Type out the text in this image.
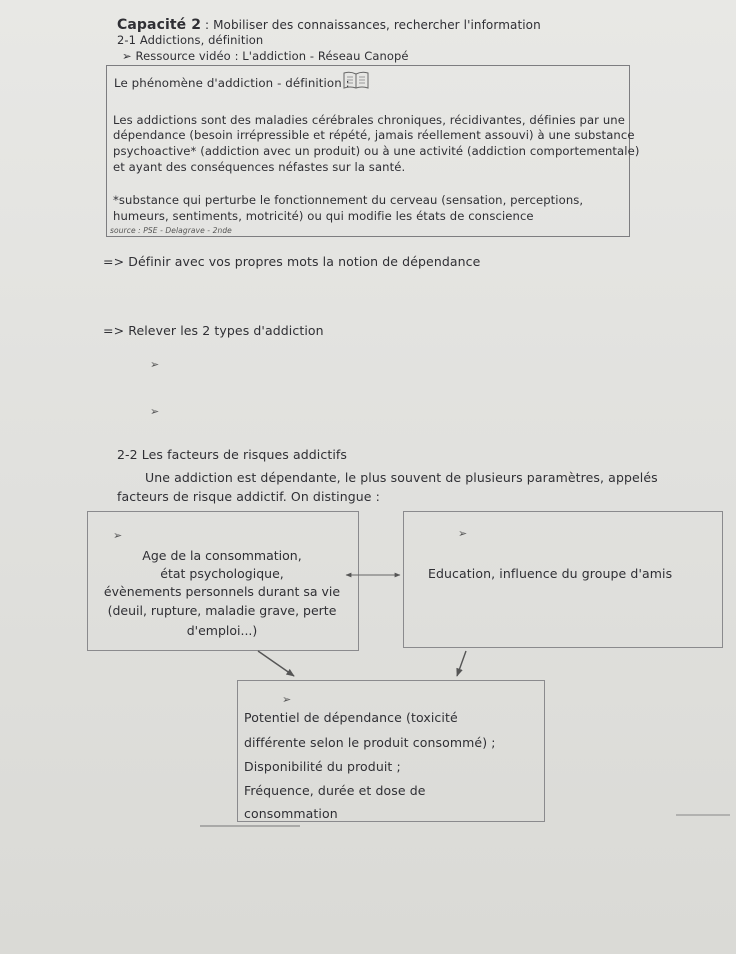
Capacité 2 : Mobiliser des connaissances, rechercher l'information
2-1 Addictions, définition
➢ Ressource vidéo : L'addiction - Réseau Canopé
Le phénomène d'addiction - définition :
Les addictions sont des maladies cérébrales chroniques, récidivantes, définies par une
dépendance (besoin irrépressible et répété, jamais réellement assouvi) à une substance
psychoactive* (addiction avec un produit) ou à une activité (addiction comportementale)
et ayant des conséquences néfastes sur la santé.
*substance qui perturbe le fonctionnement du cerveau (sensation, perceptions,
humeurs, sentiments, motricité) ou qui modifie les états de conscience
source : PSE - Delagrave - 2nde
=> Définir avec vos propres mots la notion de dépendance
=> Relever les 2 types d'addiction
➢
➢
2-2 Les facteurs de risques addictifs
Une addiction est dépendante, le plus souvent de plusieurs paramètres, appelés
facteurs de risque addictif. On distingue :
➢	➢
➢
Age de la consommation,
état psychologique,
évènements personnels durant sa vie
(deuil, rupture, maladie grave, perte
d'emploi...)
Education, influence du groupe d'amis
Potentiel de dépendance (toxicité
différente selon le produit consommé) ;
Disponibilité du produit ;
Fréquence, durée et dose de
consommation
